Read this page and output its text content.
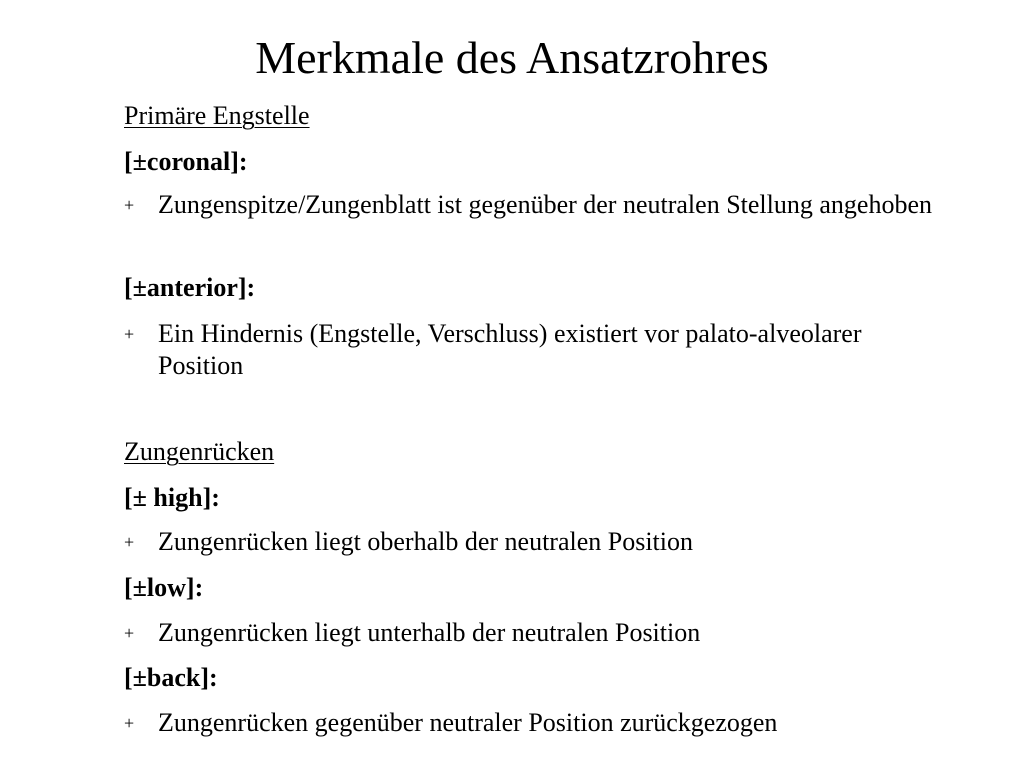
Merkmale des Ansatzrohres
Primäre Engstelle
[±coronal]:
+ Zungenspitze/Zungenblatt ist gegenüber der neutralen Stellung angehoben
[±anterior]:
+ Ein Hindernis (Engstelle, Verschluss) existiert vor palato-alveolarer Position
Zungenrücken
[± high]:
+ Zungenrücken liegt oberhalb der neutralen Position
[±low]:
+ Zungenrücken liegt unterhalb der neutralen Position
[±back]:
+ Zungenrücken gegenüber neutraler Position zurückgezogen
